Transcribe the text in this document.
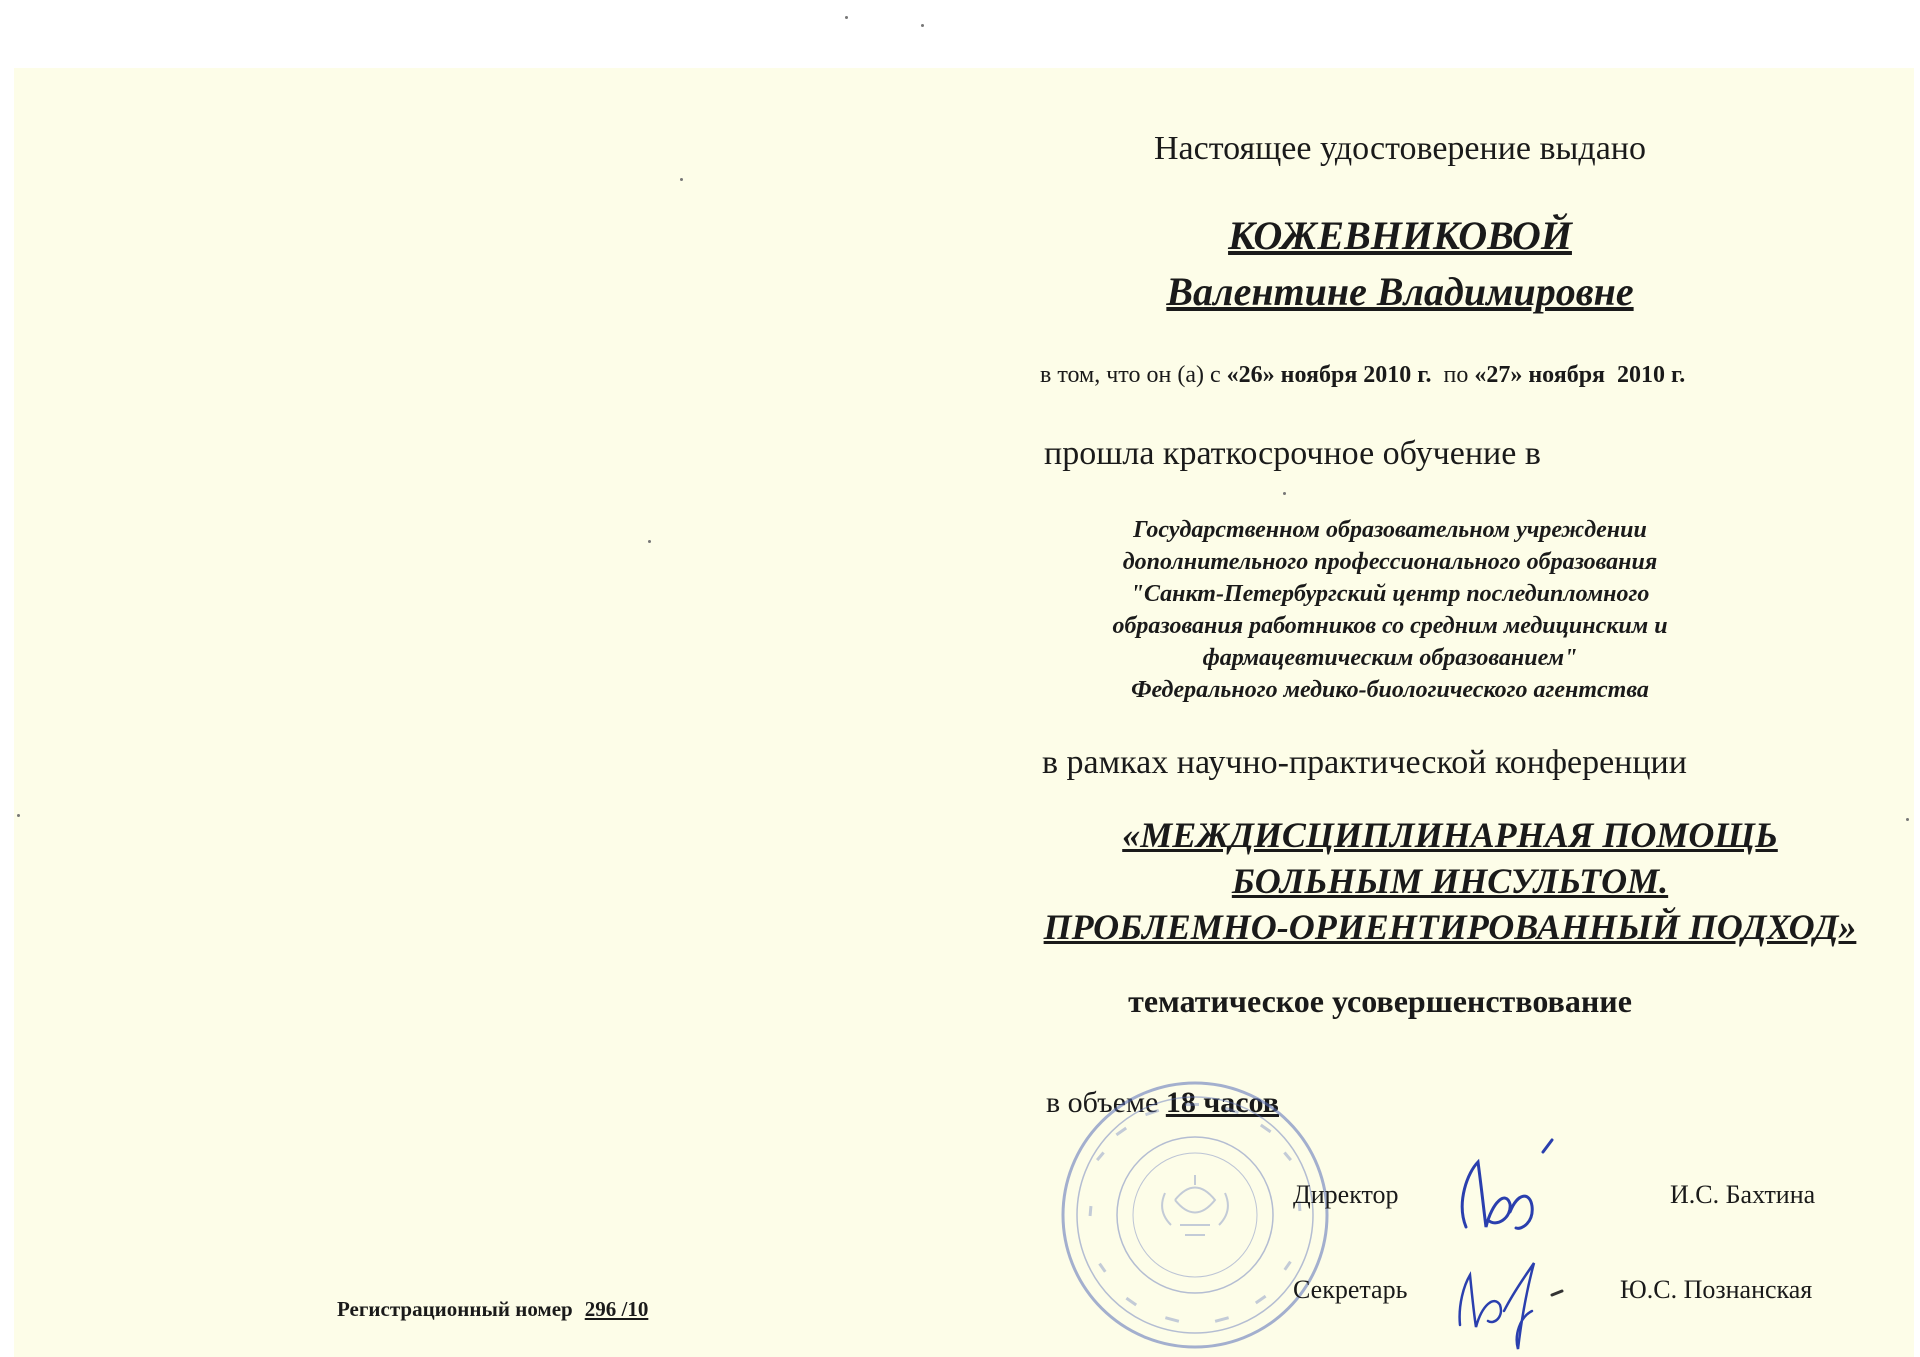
Настоящее удостоверение выдано
КОЖЕВНИКОВОЙ
Валентине Владимировне
в том, что он (а) с «26» ноября 2010 г. по «27» ноября 2010 г.
прошла краткосрочное обучение в
Государственном образовательном учреждении
дополнительного профессионального образования
"Санкт-Петербургский центр последипломного
образования работников со средним медицинским и
фармацевтическим образованием"
Федерального медико-биологического агентства
в рамках научно-практической конференции
«МЕЖДИСЦИПЛИНАРНАЯ ПОМОЩЬ
БОЛЬНЫМ ИНСУЛЬТОМ.
ПРОБЛЕМНО-ОРИЕНТИРОВАННЫЙ ПОДХОД»
тематическое усовершенствование
в объеме 18 часов
Директор	И.С. Бахтина
Секретарь	Ю.С. Познанская
Регистрационный номер 296 /10
